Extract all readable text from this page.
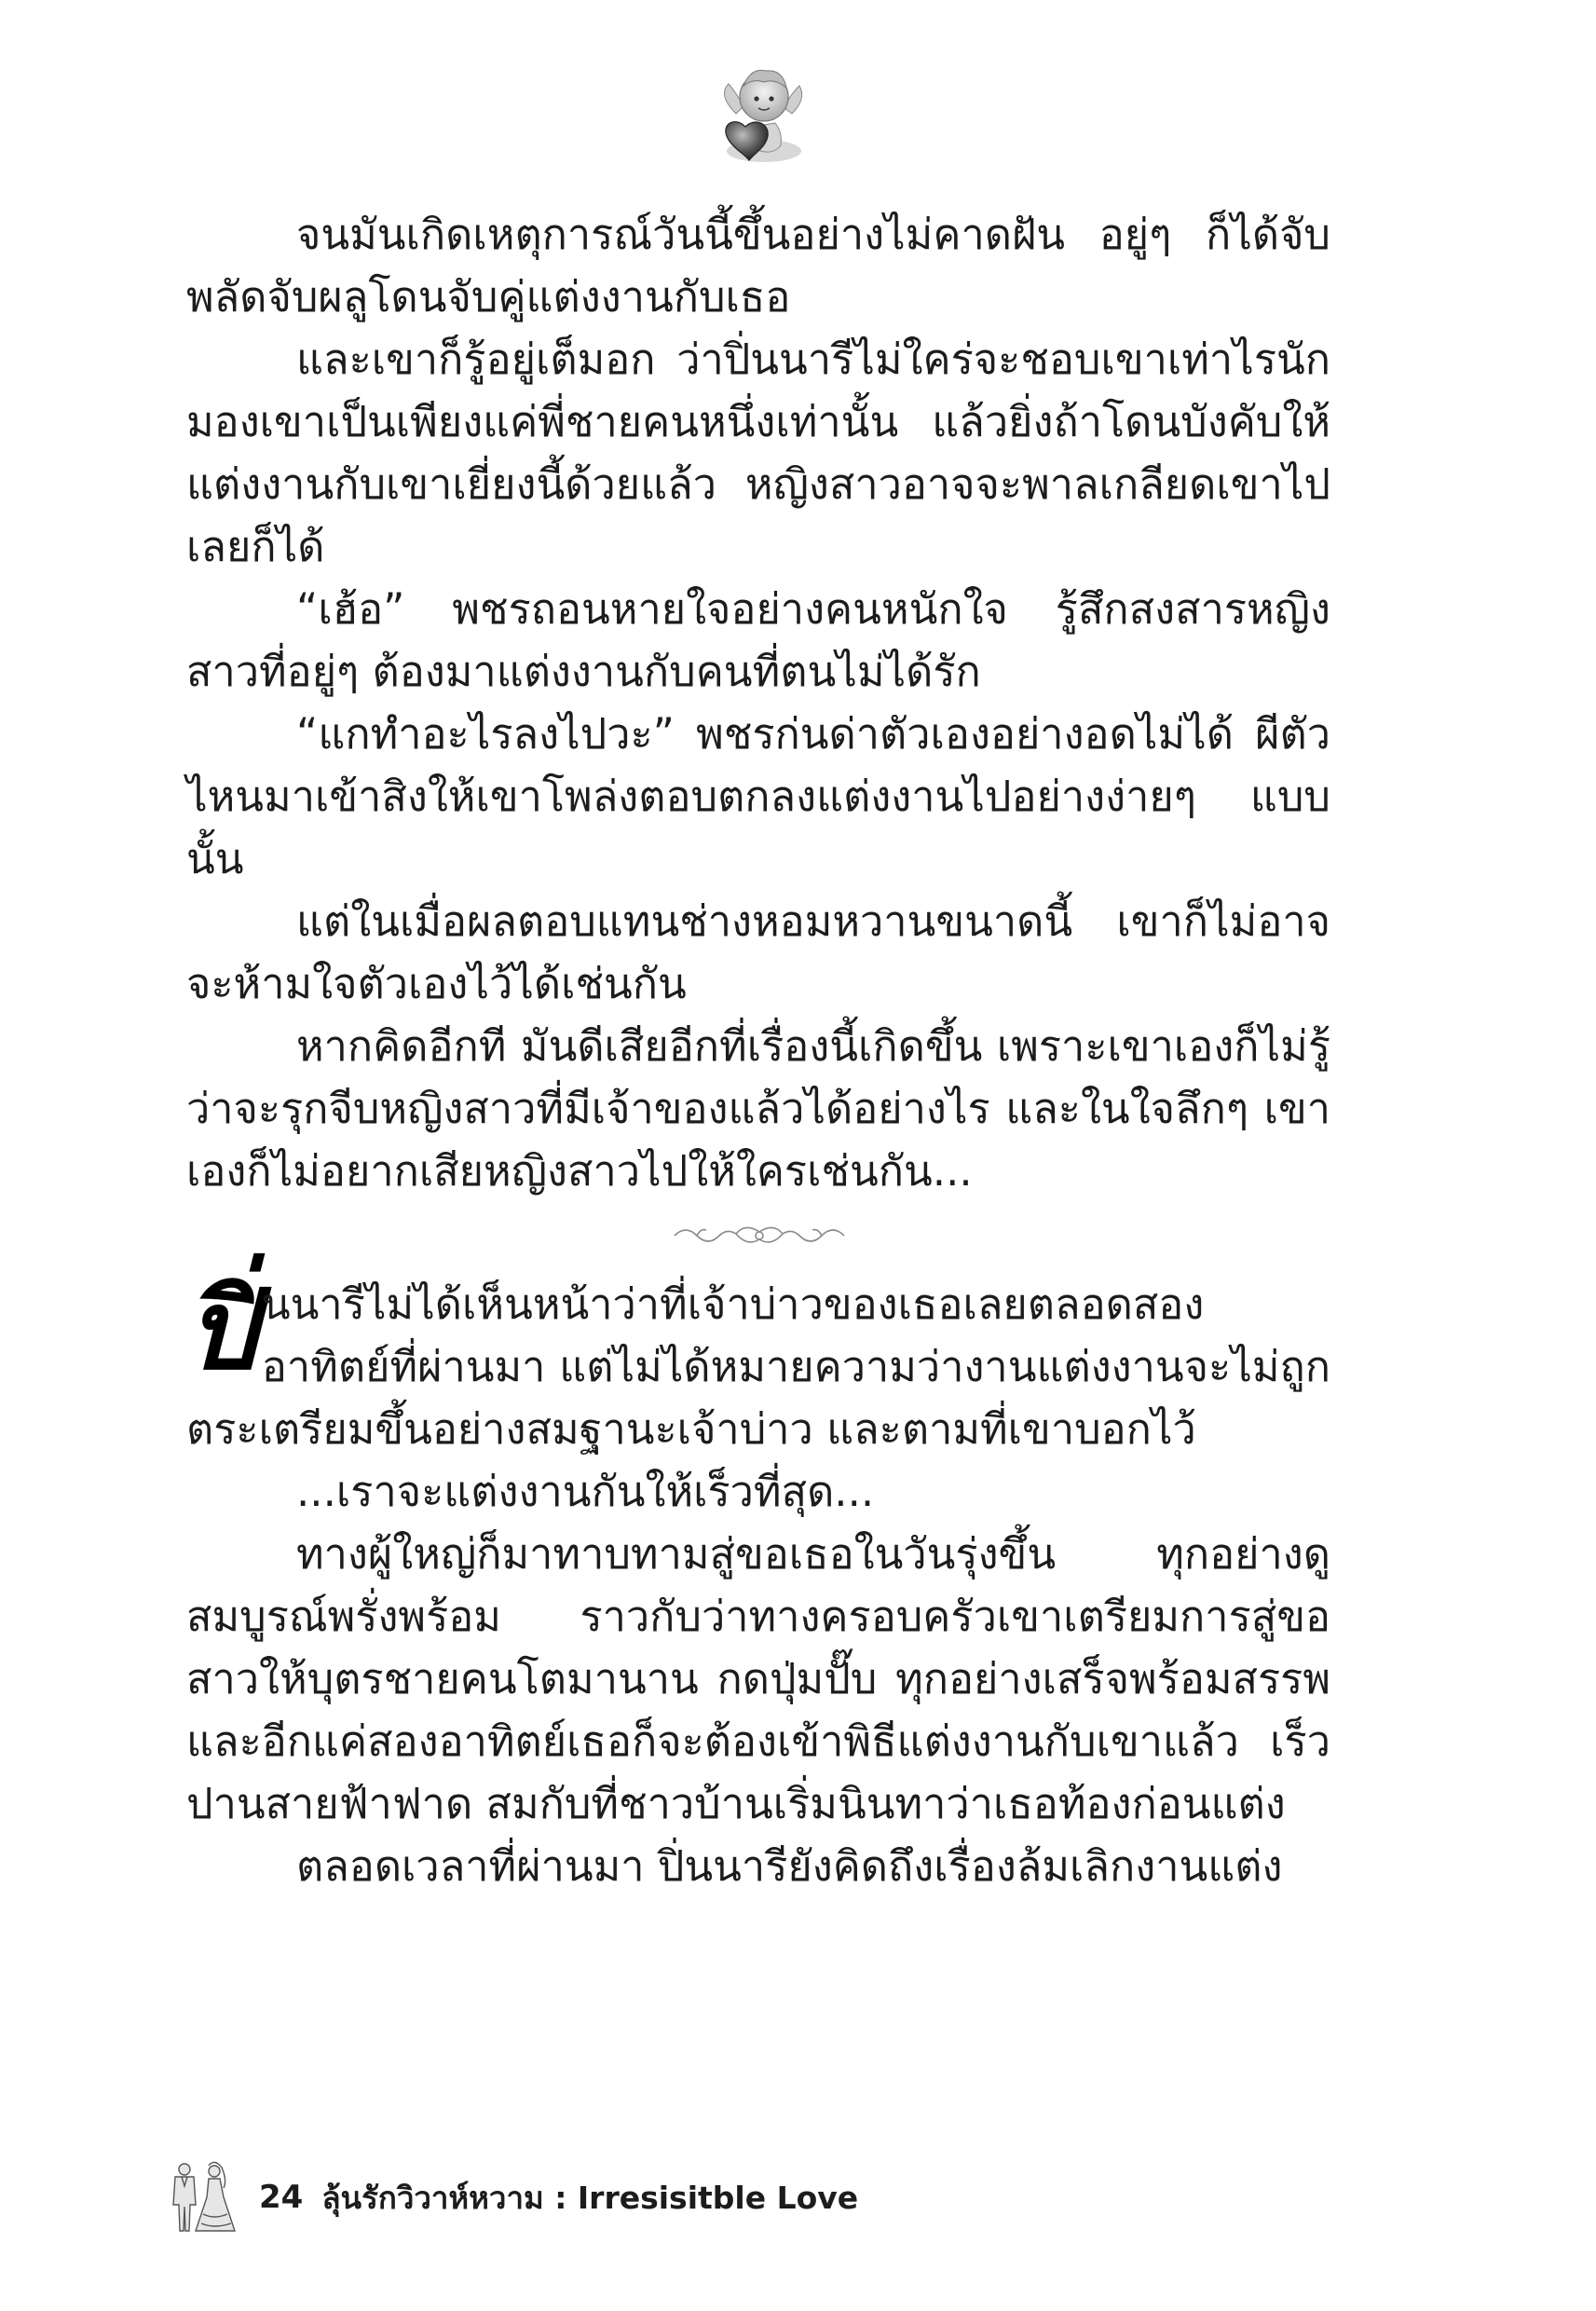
จนมันเกิดเหตุการณ์วันนี้ขึ้นอย่างไม่คาดฝัน อยู่ๆ ก็ได้จับพลัดจับผลูโดนจับคู่แต่งงานกับเธอ

และเขาก็รู้อยู่เต็มอก ว่าปิ่นนารีไม่ใคร่จะชอบเขาเท่าไรนัก มองเขาเป็นเพียงแค่พี่ชายคนหนึ่งเท่านั้น แล้วยิ่งถ้าโดนบังคับให้แต่งงานกับเขาเยี่ยงนี้ด้วยแล้ว หญิงสาวอาจจะพาลเกลียดเขาไปเลยก็ได้

“เฮ้อ” พชรถอนหายใจอย่างคนหนักใจ รู้สึกสงสารหญิงสาวที่อยู่ๆ ต้องมาแต่งงานกับคนที่ตนไม่ได้รัก

“แกทำอะไรลงไปวะ” พชรก่นด่าตัวเองอย่างอดไม่ได้ ผีตัวไหนมาเข้าสิงให้เขาโพล่งตอบตกลงแต่งงานไปอย่างง่ายๆ แบบนั้น

แต่ในเมื่อผลตอบแทนช่างหอมหวานขนาดนี้ เขาก็ไม่อาจจะห้ามใจตัวเองไว้ได้เช่นกัน

หากคิดอีกที มันดีเสียอีกที่เรื่องนี้เกิดขึ้น เพราะเขาเองก็ไม่รู้ว่าจะรุกจีบหญิงสาวที่มีเจ้าของแล้วได้อย่างไร และในใจลึกๆ เขาเองก็ไม่อยากเสียหญิงสาวไปให้ใครเช่นกัน...

ปิ่นนารีไม่ได้เห็นหน้าว่าที่เจ้าบ่าวของเธอเลยตลอดสองอาทิตย์ที่ผ่านมา แต่ไม่ได้หมายความว่างานแต่งงานจะไม่ถูกตระเตรียมขึ้นอย่างสมฐานะเจ้าบ่าว และตามที่เขาบอกไว้

...เราจะแต่งงานกันให้เร็วที่สุด...

ทางผู้ใหญ่ก็มาทาบทามสู่ขอเธอในวันรุ่งขึ้น ทุกอย่างดูสมบูรณ์พรั่งพร้อม ราวกับว่าทางครอบครัวเขาเตรียมการสู่ขอสาวให้บุตรชายคนโตมานาน กดปุ่มปั๊บ ทุกอย่างเสร็จพร้อมสรรพ และอีกแค่สองอาทิตย์เธอก็จะต้องเข้าพิธีแต่งงานกับเขาแล้ว เร็วปานสายฟ้าฟาด สมกับที่ชาวบ้านเริ่มนินทาว่าเธอท้องก่อนแต่ง

ตลอดเวลาที่ผ่านมา ปิ่นนารียังคิดถึงเรื่องล้มเลิกงานแต่ง

24 ลุ้นรักวิวาห์หวาม : Irresisitble Love
